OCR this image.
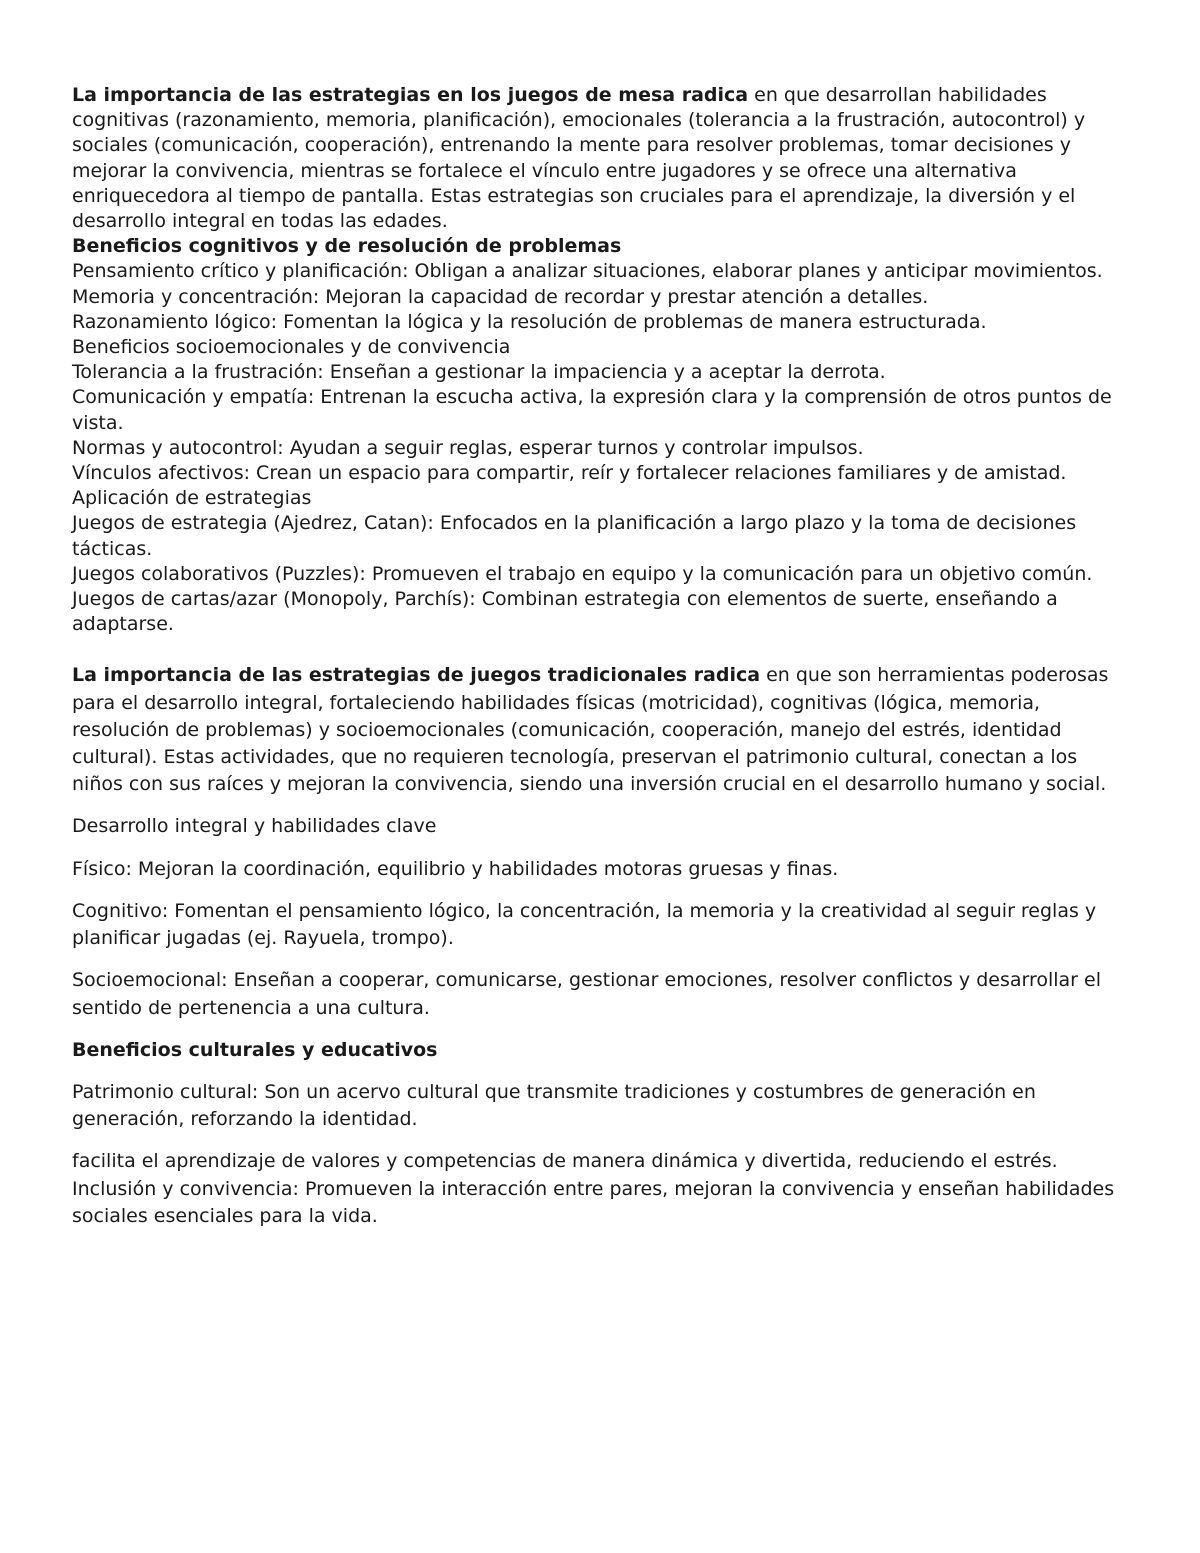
La importancia de las estrategias en los juegos de mesa radica en que desarrollan habilidades cognitivas (razonamiento, memoria, planificación), emocionales (tolerancia a la frustración, autocontrol) y sociales (comunicación, cooperación), entrenando la mente para resolver problemas, tomar decisiones y mejorar la convivencia, mientras se fortalece el vínculo entre jugadores y se ofrece una alternativa enriquecedora al tiempo de pantalla. Estas estrategias son cruciales para el aprendizaje, la diversión y el desarrollo integral en todas las edades.

Beneficios cognitivos y de resolución de problemas

Pensamiento crítico y planificación: Obligan a analizar situaciones, elaborar planes y anticipar movimientos.

Memoria y concentración: Mejoran la capacidad de recordar y prestar atención a detalles.

Razonamiento lógico: Fomentan la lógica y la resolución de problemas de manera estructurada.

Beneficios socioemocionales y de convivencia

Tolerancia a la frustración: Enseñan a gestionar la impaciencia y a aceptar la derrota.

Comunicación y empatía: Entrenan la escucha activa, la expresión clara y la comprensión de otros puntos de vista.

Normas y autocontrol: Ayudan a seguir reglas, esperar turnos y controlar impulsos.

Vínculos afectivos: Crean un espacio para compartir, reír y fortalecer relaciones familiares y de amistad.

Aplicación de estrategias

Juegos de estrategia (Ajedrez, Catan): Enfocados en la planificación a largo plazo y la toma de decisiones tácticas.

Juegos colaborativos (Puzzles): Promueven el trabajo en equipo y la comunicación para un objetivo común.

Juegos de cartas/azar (Monopoly, Parchís): Combinan estrategia con elementos de suerte, enseñando a adaptarse.

La importancia de las estrategias de juegos tradicionales radica en que son herramientas poderosas para el desarrollo integral, fortaleciendo habilidades físicas (motricidad), cognitivas (lógica, memoria, resolución de problemas) y socioemocionales (comunicación, cooperación, manejo del estrés, identidad cultural). Estas actividades, que no requieren tecnología, preservan el patrimonio cultural, conectan a los niños con sus raíces y mejoran la convivencia, siendo una inversión crucial en el desarrollo humano y social.

Desarrollo integral y habilidades clave

Físico: Mejoran la coordinación, equilibrio y habilidades motoras gruesas y finas.

Cognitivo: Fomentan el pensamiento lógico, la concentración, la memoria y la creatividad al seguir reglas y planificar jugadas (ej. Rayuela, trompo).

Socioemocional: Enseñan a cooperar, comunicarse, gestionar emociones, resolver conflictos y desarrollar el sentido de pertenencia a una cultura.

Beneficios culturales y educativos

Patrimonio cultural: Son un acervo cultural que transmite tradiciones y costumbres de generación en generación, reforzando la identidad.

facilita el aprendizaje de valores y competencias de manera dinámica y divertida, reduciendo el estrés. Inclusión y convivencia: Promueven la interacción entre pares, mejoran la convivencia y enseñan habilidades sociales esenciales para la vida.
